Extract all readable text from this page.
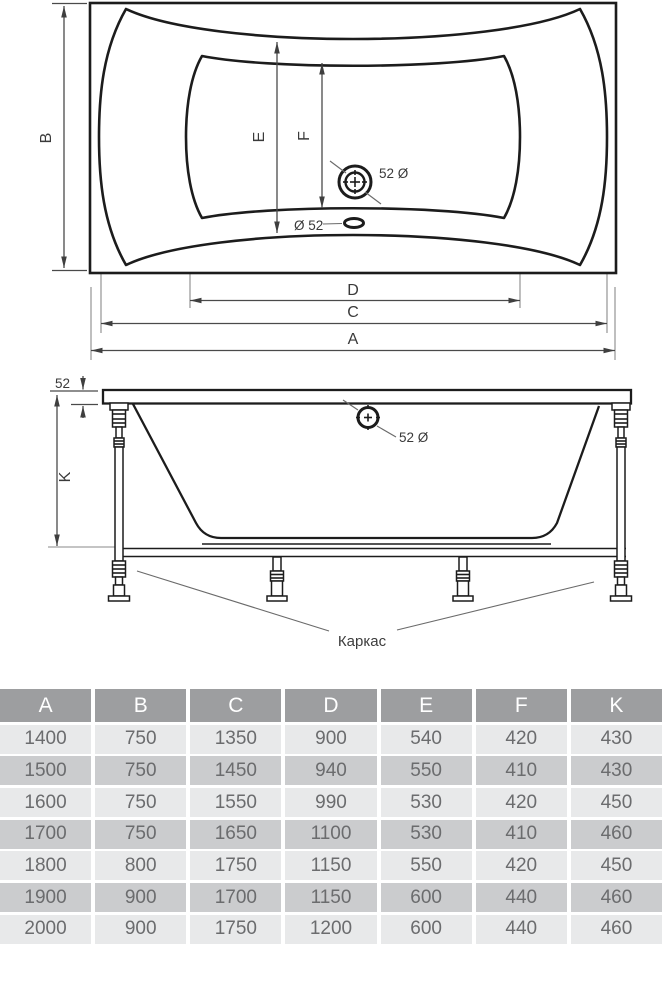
52 Ø
Ø 52
B	E F
D
C
A
52
K
52 Ø
Каркас
A	B	C	D	E	F	K
1400	750	1350	900	540	420	430
1500	750	1450	940	550	410	430
1600	750	1550	990	530	420	450
1700	750	1650	1100	530	410	460
1800	800	1750	1150	550	420	450
1900	900	1700	1150	600	440	460
2000	900	1750	1200	600	440	460
